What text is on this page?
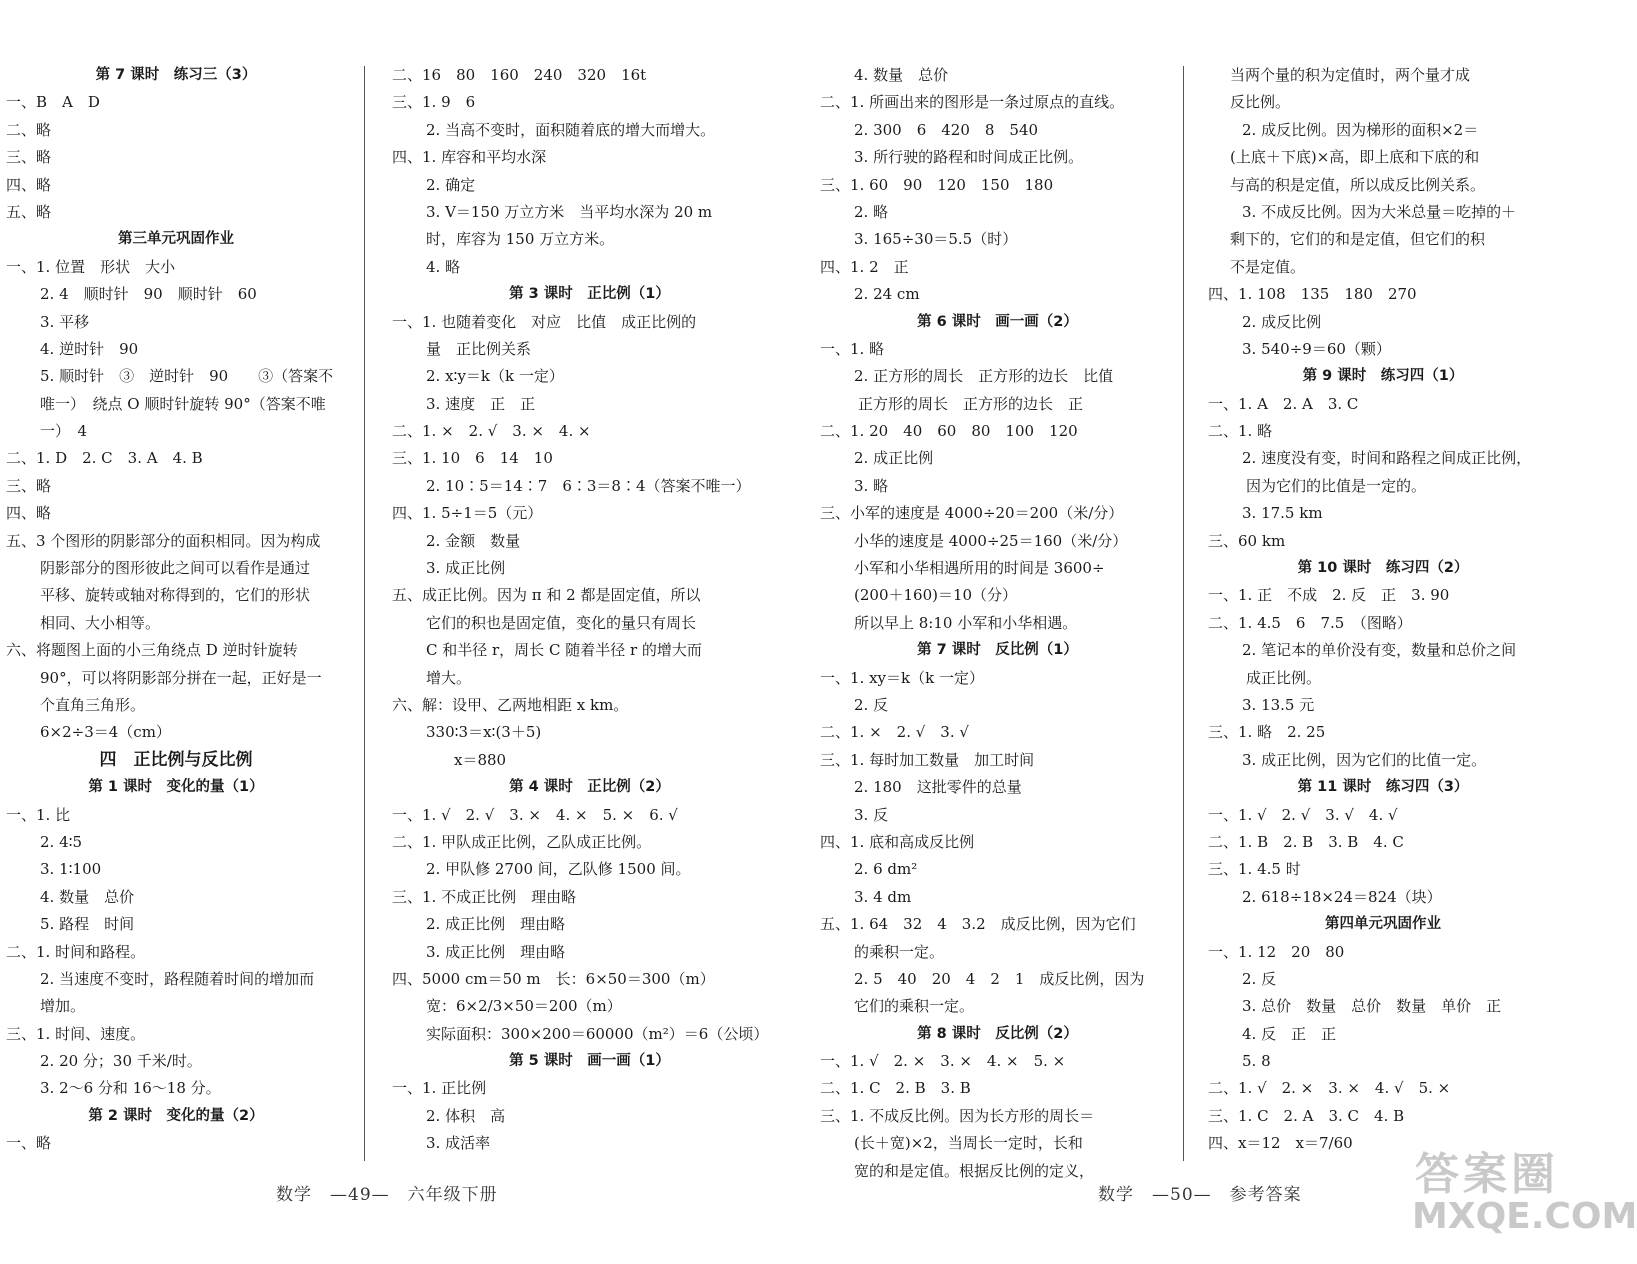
第 7 课时　练习三（3）
一、B　A　D
二、略
三、略
四、略
五、略
第三单元巩固作业
一、1. 位置　形状　大小
2. 4　顺时针　90　顺时针　60
3. 平移
4. 逆时针　90
5. 顺时针　③　逆时针　90　　③（答案不
唯一）　绕点 O 顺时针旋转 90°（答案不唯
一）　4
二、1. D　2. C　3. A　4. B
三、略
四、略
五、3 个图形的阴影部分的面积相同。因为构成
阴影部分的图形彼此之间可以看作是通过
平移、旋转或轴对称得到的，它们的形状
相同、大小相等。
六、将题图上面的小三角绕点 D 逆时针旋转
90°，可以将阴影部分拼在一起，正好是一
个直角三角形。
6×2÷3＝4（cm）
四　正比例与反比例
第 1 课时　变化的量（1）
一、1. 比
2. 4∶5
3. 1∶100
4. 数量　总价
5. 路程　时间
二、1. 时间和路程。
2. 当速度不变时，路程随着时间的增加而
增加。
三、1. 时间、速度。
2. 20 分；30 千米/时。
3. 2～6 分和 16～18 分。
第 2 课时　变化的量（2）
一、略
二、16　80　160　240　320　16t
三、1. 9　6
2. 当高不变时，面积随着底的增大而增大。
四、1. 库容和平均水深
2. 确定
3. V＝150 万立方米　当平均水深为 20 m
时，库容为 150 万立方米。
4. 略
第 3 课时　正比例（1）
一、1. 也随着变化　对应　比值　成正比例的
量　正比例关系
2. x∶y＝k（k 一定）
3. 速度　正　正
二、1. ×　2. √　3. ×　4. ×
三、1. 10　6　14　10
2. 10∶5＝14∶7　6∶3＝8∶4（答案不唯一）
四、1. 5÷1＝5（元）
2. 金额　数量
3. 成正比例
五、成正比例。因为 π 和 2 都是固定值，所以
它们的积也是固定值，变化的量只有周长
C 和半径 r，周长 C 随着半径 r 的增大而
增大。
六、解：设甲、乙两地相距 x km。
330∶3＝x∶(3＋5)
x＝880
第 4 课时　正比例（2）
一、1. √　2. √　3. ×　4. ×　5. ×　6. √
二、1. 甲队成正比例，乙队成正比例。
2. 甲队修 2700 间，乙队修 1500 间。
三、1. 不成正比例　理由略
2. 成正比例　理由略
3. 成正比例　理由略
四、5000 cm＝50 m　长：6×50＝300（m）
宽：6×2/3×50＝200（m）
实际面积：300×200＝60000（m²）＝6（公顷）
第 5 课时　画一画（1）
一、1. 正比例
2. 体积　高
3. 成活率
4. 数量　总价
二、1. 所画出来的图形是一条过原点的直线。
2. 300　6　420　8　540
3. 所行驶的路程和时间成正比例。
三、1. 60　90　120　150　180
2. 略
3. 165÷30＝5.5（时）
四、1. 2　正
2. 24 cm
第 6 课时　画一画（2）
一、1. 略
2. 正方形的周长　正方形的边长　比值
正方形的周长　正方形的边长　正
二、1. 20　40　60　80　100　120
2. 成正比例
3. 略
三、小军的速度是 4000÷20＝200（米/分）
小华的速度是 4000÷25＝160（米/分）
小军和小华相遇所用的时间是 3600÷
(200＋160)＝10（分）
所以早上 8:10 小军和小华相遇。
第 7 课时　反比例（1）
一、1. xy＝k（k 一定）
2. 反
二、1. ×　2. √　3. √
三、1. 每时加工数量　加工时间
2. 180　这批零件的总量
3. 反
四、1. 底和高成反比例
2. 6 dm²
3. 4 dm
五、1. 64　32　4　3.2　成反比例，因为它们
的乘积一定。
2. 5　40　20　4　2　1　成反比例，因为
它们的乘积一定。
第 8 课时　反比例（2）
一、1. √　2. ×　3. ×　4. ×　5. ×
二、1. C　2. B　3. B
三、1. 不成反比例。因为长方形的周长＝
(长＋宽)×2，当周长一定时，长和
宽的和是定值。根据反比例的定义，
当两个量的积为定值时，两个量才成
反比例。
2. 成反比例。因为梯形的面积×2＝
(上底＋下底)×高，即上底和下底的和
与高的积是定值，所以成反比例关系。
3. 不成反比例。因为大米总量＝吃掉的＋
剩下的，它们的和是定值，但它们的积
不是定值。
四、1. 108　135　180　270
2. 成反比例
3. 540÷9＝60（颗）
第 9 课时　练习四（1）
一、1. A　2. A　3. C
二、1. 略
2. 速度没有变，时间和路程之间成正比例，
因为它们的比值是一定的。
3. 17.5 km
三、60 km
第 10 课时　练习四（2）
一、1. 正　不成　2. 反　正　3. 90
二、1. 4.5　6　7.5　（图略）
2. 笔记本的单价没有变，数量和总价之间
成正比例。
3. 13.5 元
三、1. 略　2. 25
3. 成正比例，因为它们的比值一定。
第 11 课时　练习四（3）
一、1. √　2. √　3. √　4. √
二、1. B　2. B　3. B　4. C
三、1. 4.5 时
2. 618÷18×24＝824（块）
第四单元巩固作业
一、1. 12　20　80
2. 反
3. 总价　数量　总价　数量　单价　正
4. 反　正　正
5. 8
二、1. √　2. ×　3. ×　4. √　5. ×
三、1. C　2. A　3. C　4. B
四、x＝12　x＝7/60
数学　—49—　六年级下册	数学　—50—　参考答案	答案圈
MXQE.COM
